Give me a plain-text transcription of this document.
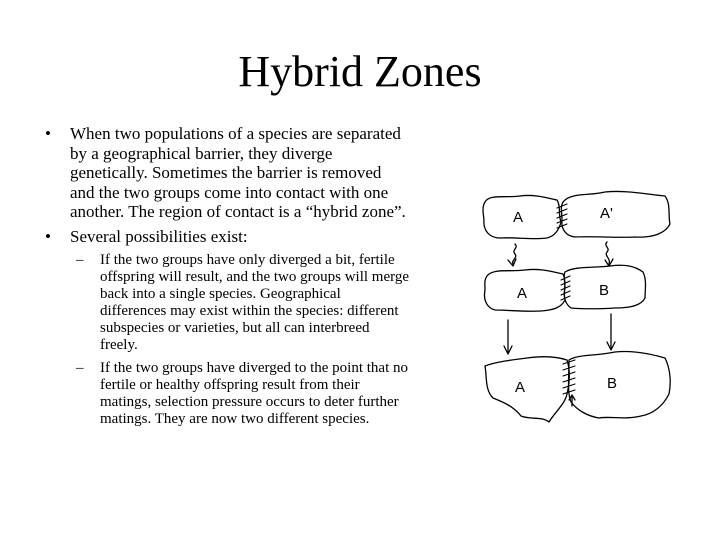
Hybrid Zones
• When two populations of a species are separated by a geographical barrier, they diverge genetically. Sometimes the barrier is removed and the two groups come into contact with one another. The region of contact is a “hybrid zone”.
• Several possibilities exist:
– If the two groups have only diverged a bit, fertile offspring will result, and the two groups will merge back into a single species. Geographical differences may exist within the species: different subspecies or varieties, but all can interbreed freely.
– If the two groups have diverged to the point that no fertile or healthy offspring result from their matings, selection pressure occurs to deter further matings. They are now two different species.
A	A'
A	B
A	B
